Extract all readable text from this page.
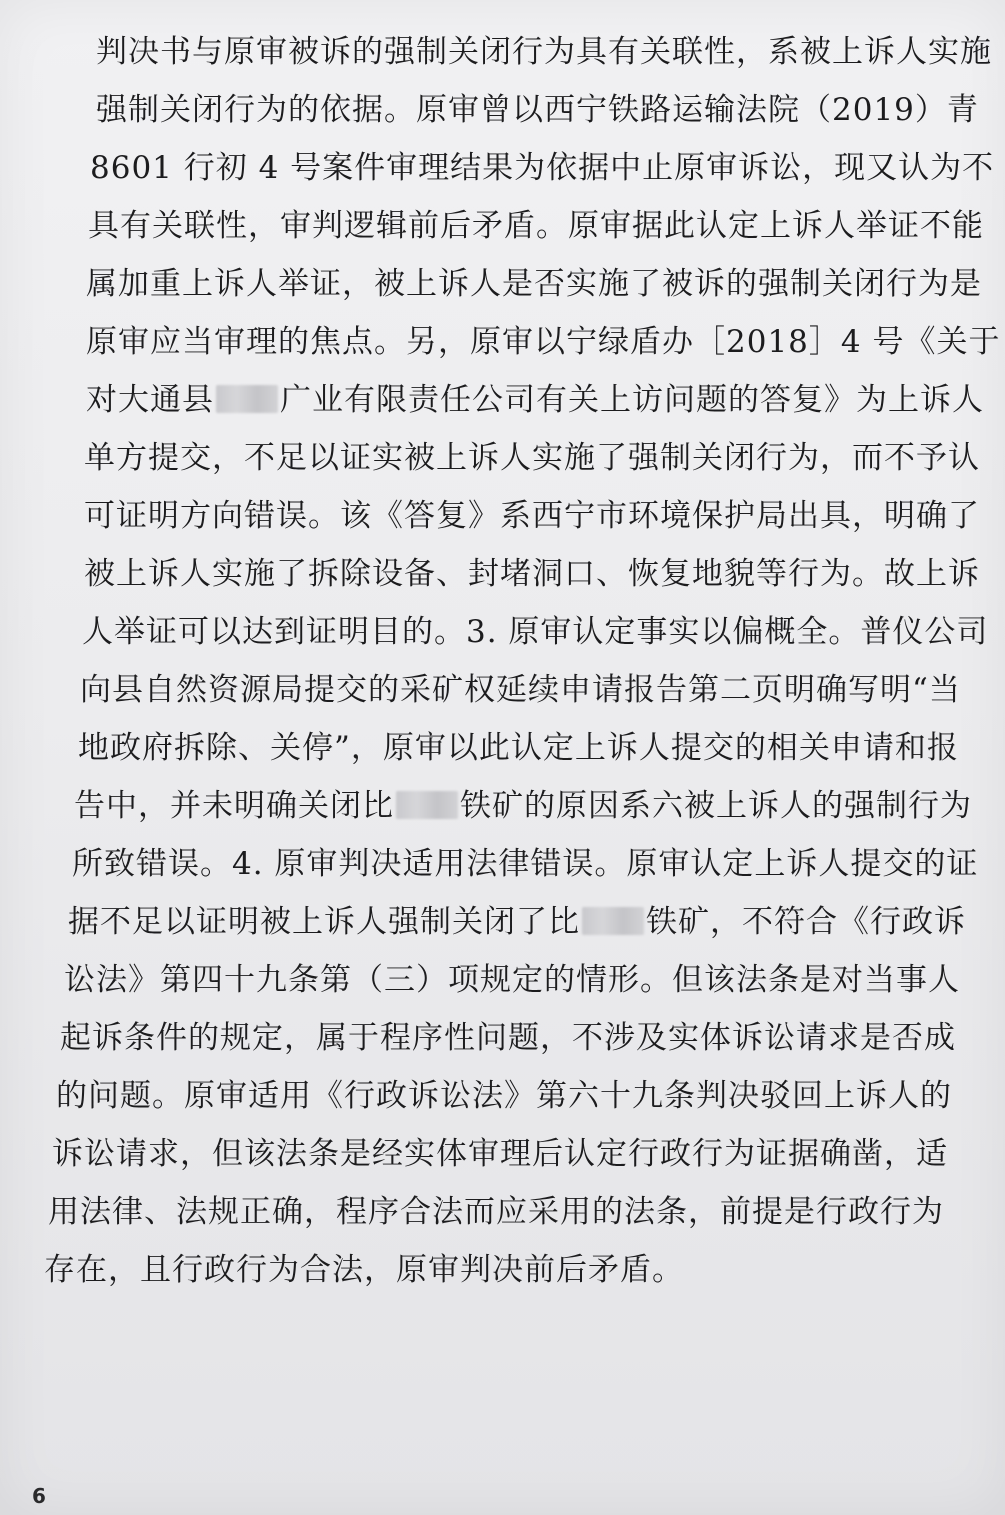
判决书与原审被诉的强制关闭行为具有关联性，系被上诉人实施
强制关闭行为的依据。原审曾以西宁铁路运输法院（2019）青
8601 行初 4 号案件审理结果为依据中止原审诉讼，现又认为不
具有关联性，审判逻辑前后矛盾。原审据此认定上诉人举证不能
属加重上诉人举证，被上诉人是否实施了被诉的强制关闭行为是
原审应当审理的焦点。另，原审以宁绿盾办［2018］4 号《关于
对大通县 广业有限责任公司有关上访问题的答复》为上诉人
单方提交，不足以证实被上诉人实施了强制关闭行为，而不予认
可证明方向错误。该《答复》系西宁市环境保护局出具，明确了
被上诉人实施了拆除设备、封堵洞口、恢复地貌等行为。故上诉
人举证可以达到证明目的。3. 原审认定事实以偏概全。普仪公司
向县自然资源局提交的采矿权延续申请报告第二页明确写明“当
地政府拆除、关停”，原审以此认定上诉人提交的相关申请和报
告中，并未明确关闭比 铁矿的原因系六被上诉人的强制行为
所致错误。4. 原审判决适用法律错误。原审认定上诉人提交的证
据不足以证明被上诉人强制关闭了比 铁矿，不符合《行政诉
讼法》第四十九条第（三）项规定的情形。但该法条是对当事人
起诉条件的规定，属于程序性问题，不涉及实体诉讼请求是否成
的问题。原审适用《行政诉讼法》第六十九条判决驳回上诉人的
诉讼请求，但该法条是经实体审理后认定行政行为证据确凿，适
用法律、法规正确，程序合法而应采用的法条，前提是行政行为
存在，且行政行为合法，原审判决前后矛盾。
6
